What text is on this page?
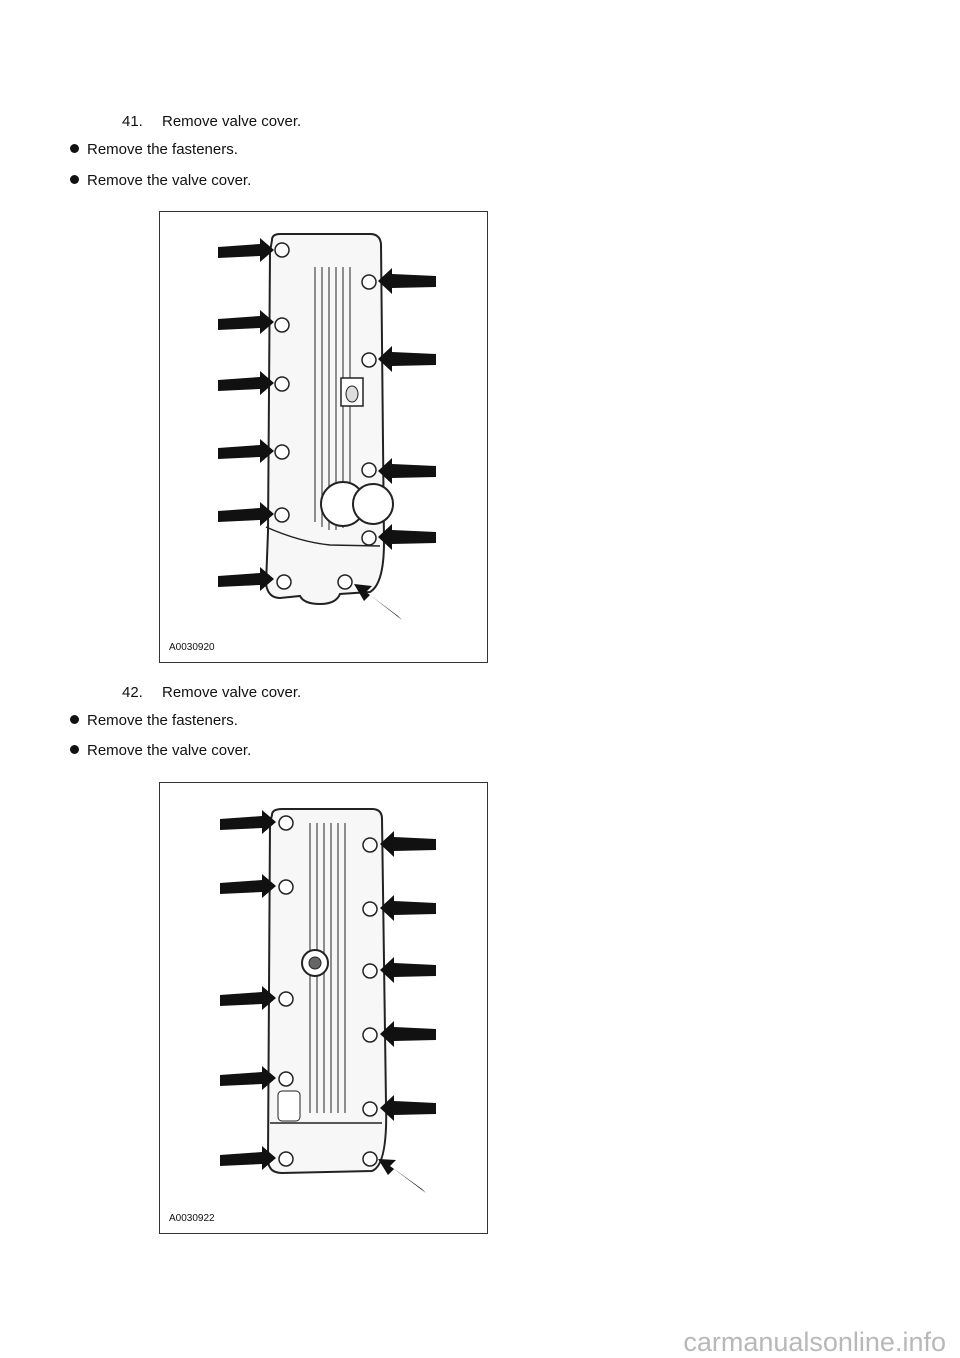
41.	Remove valve cover.
Remove the fasteners.
Remove the valve cover.
A0030920
42.	Remove valve cover.
Remove the fasteners.
Remove the valve cover.
A0030922
carmanualsonline.info
